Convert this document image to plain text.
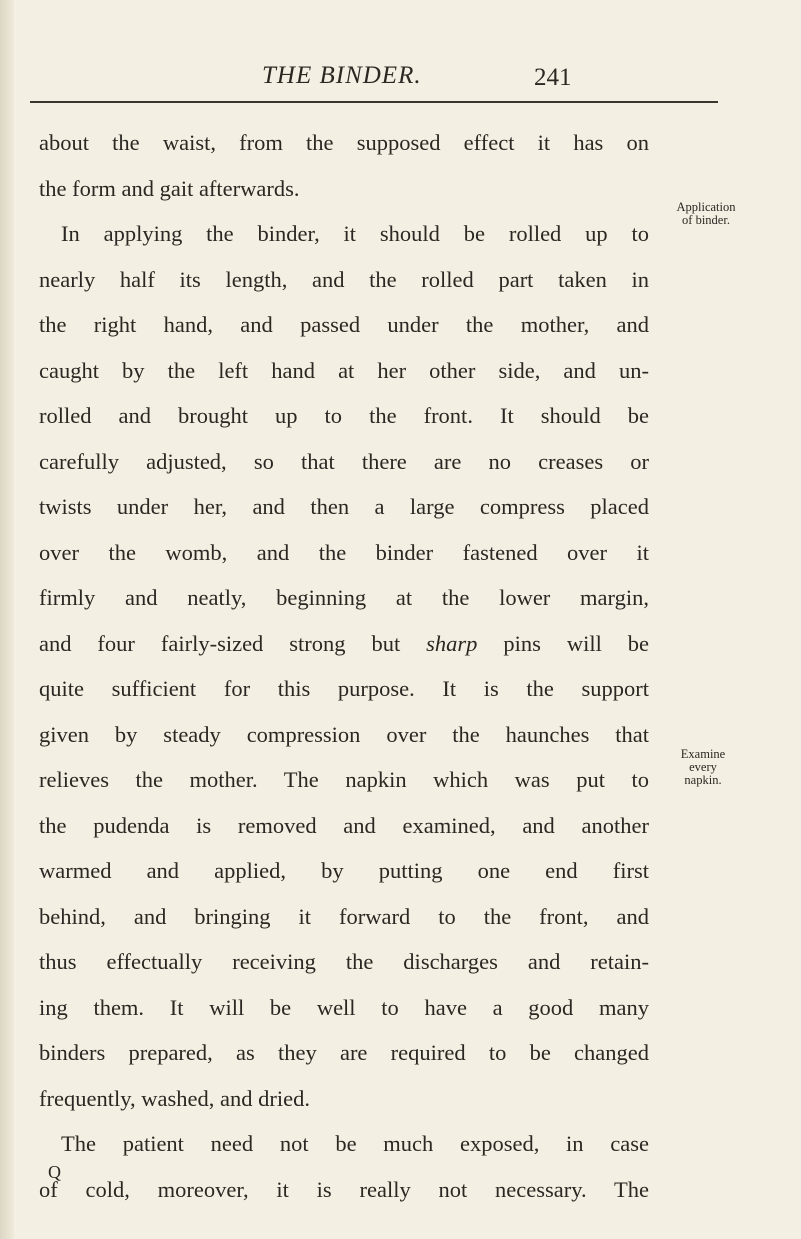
THE BINDER.	241
about the waist, from the supposed effect it has on
the form and gait afterwards.
In applying the binder, it should be rolled up to
nearly half its length, and the rolled part taken in
the right hand, and passed under the mother, and
caught by the left hand at her other side, and un-
rolled and brought up to the front. It should be
carefully adjusted, so that there are no creases or
twists under her, and then a large compress placed
over the womb, and the binder fastened over it
firmly and neatly, beginning at the lower margin,
and four fairly-sized strong but sharp pins will be
quite sufficient for this purpose. It is the support
given by steady compression over the haunches that
relieves the mother. The napkin which was put to
the pudenda is removed and examined, and another
warmed and applied, by putting one end first
behind, and bringing it forward to the front, and
thus effectually receiving the discharges and retain-
ing them. It will be well to have a good many
binders prepared, as they are required to be changed
frequently, washed, and dried.
The patient need not be much exposed, in case
of cold, moreover, it is really not necessary. The
Application
of binder.
Examine
every
napkin.
Q
